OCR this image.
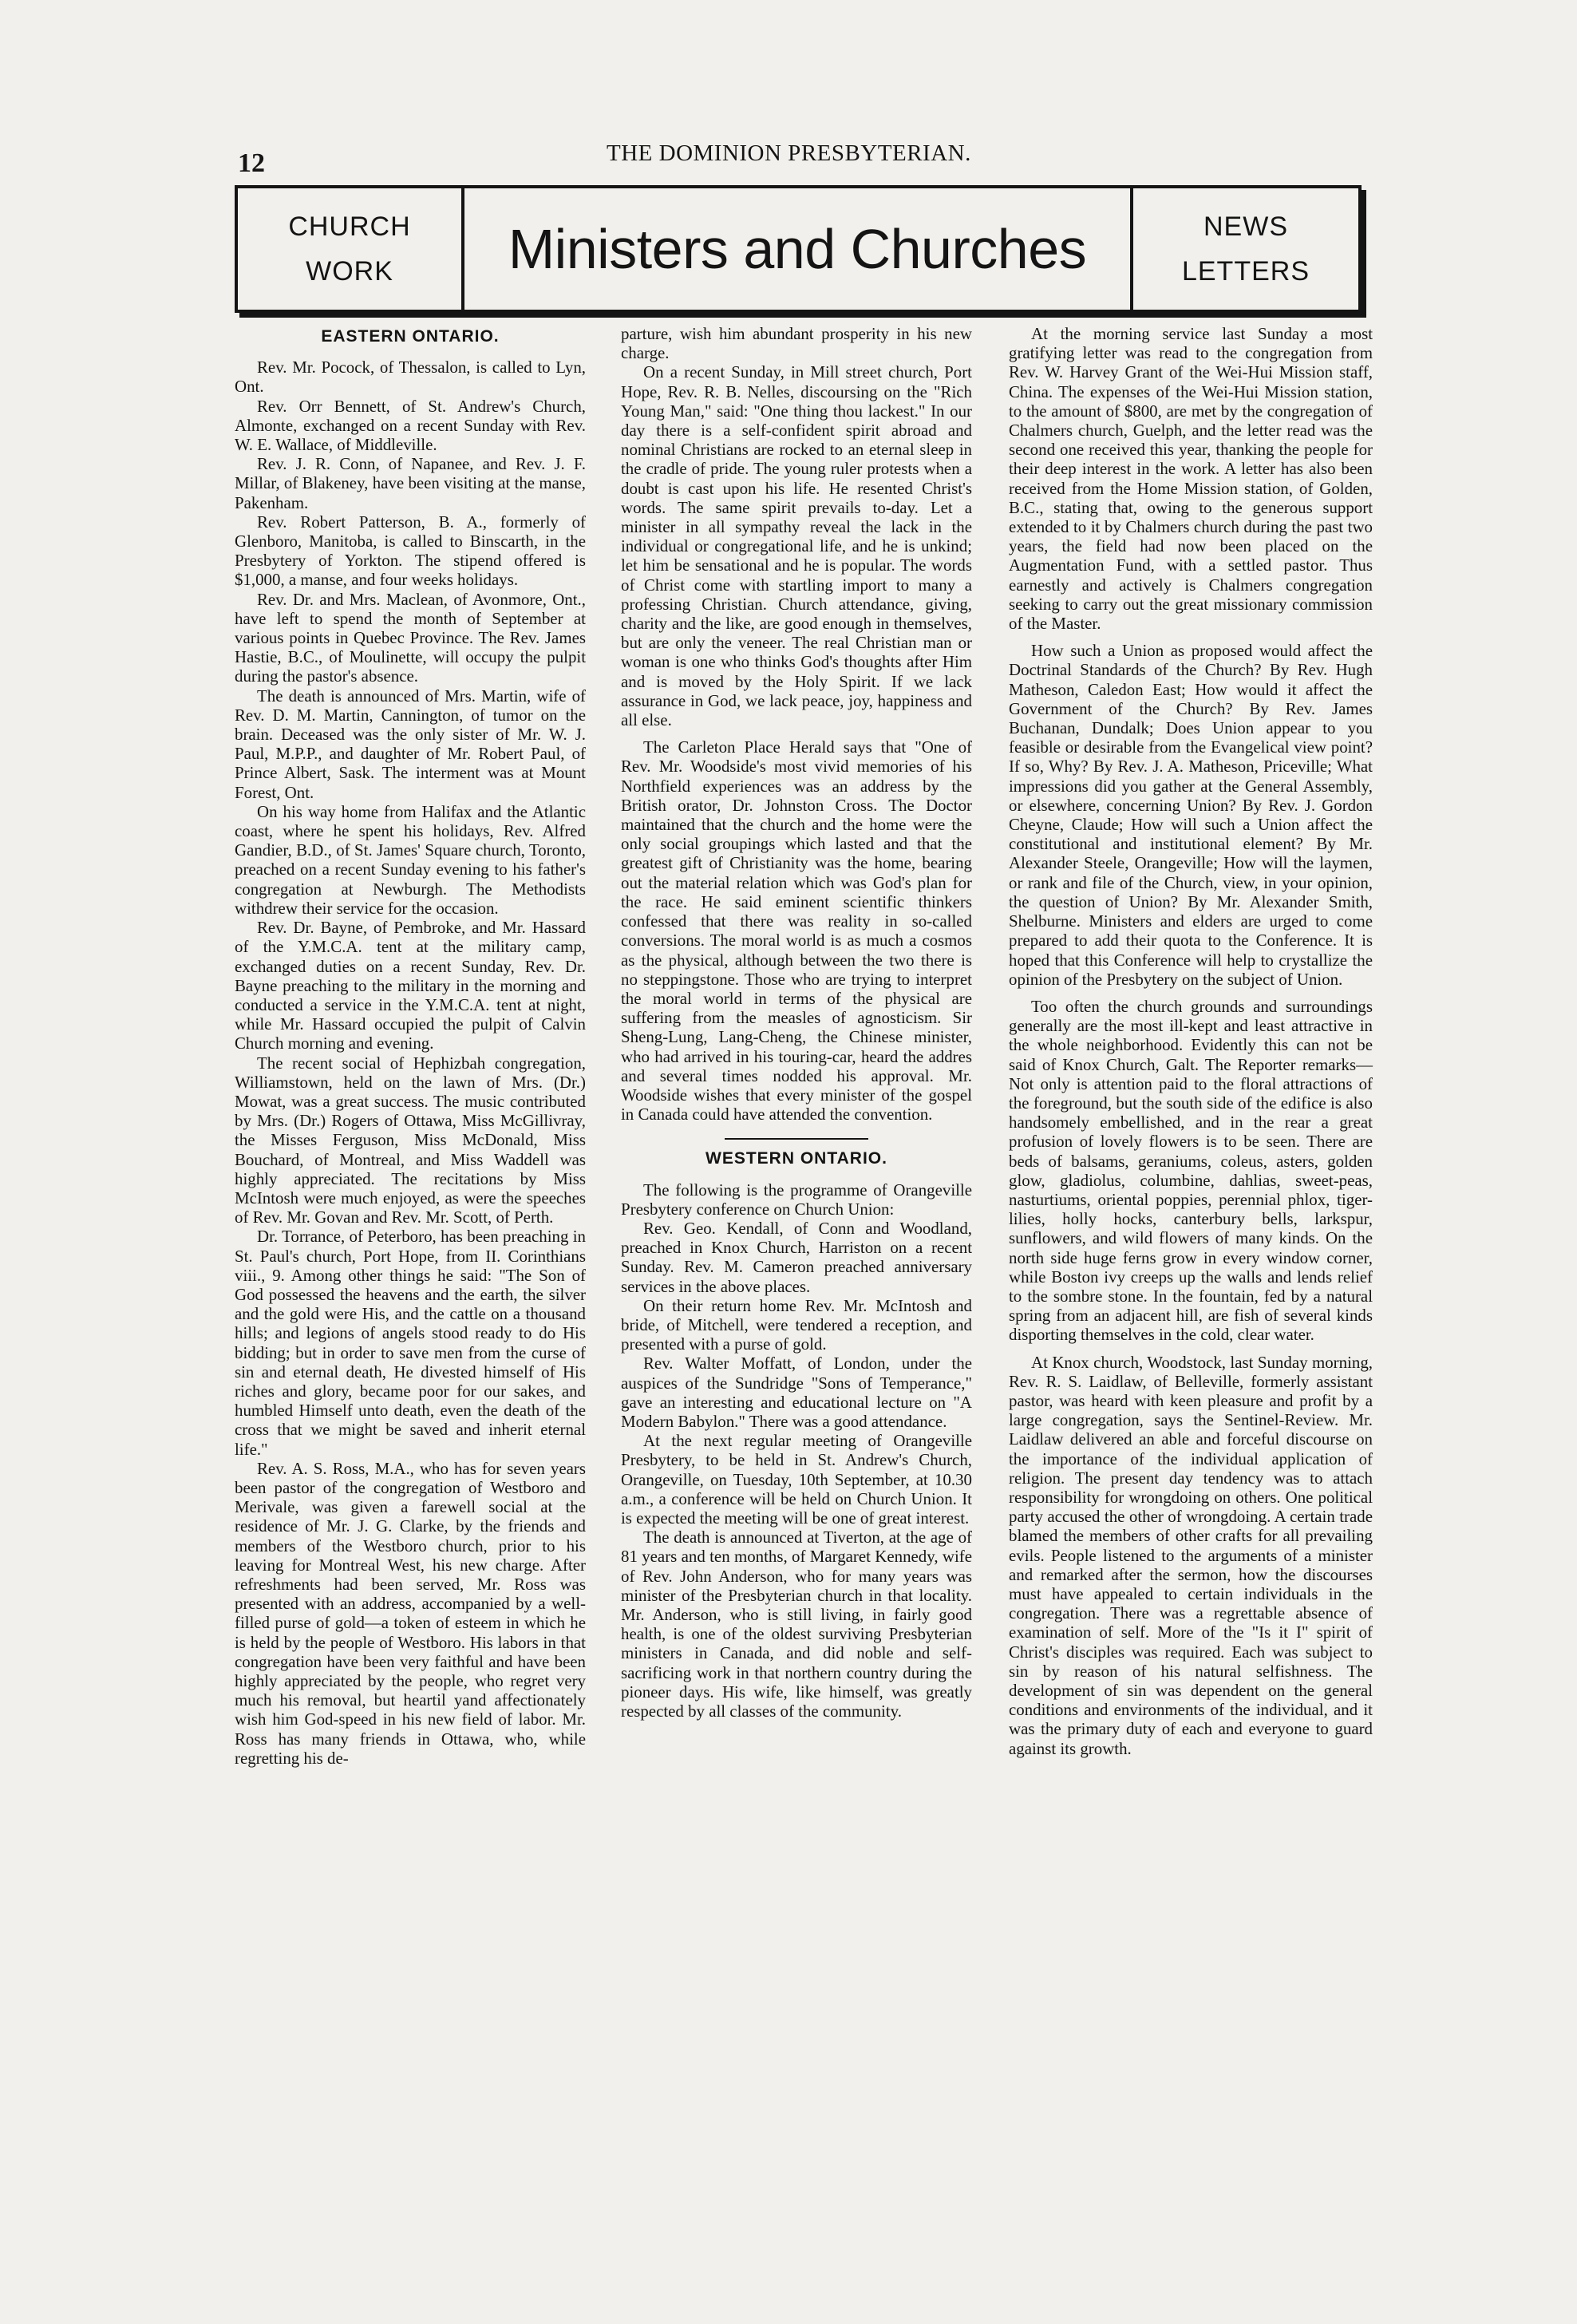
12	THE DOMINION PRESBYTERIAN.
CHURCH
WORK Ministers and Churches	NEWS
LETTERS
EASTERN ONTARIO.

Rev. Mr. Pocock, of Thessalon, is called to Lyn, Ont.

Rev. Orr Bennett, of St. Andrew's Church, Almonte, exchanged on a recent Sunday with Rev. W. E. Wallace, of Middleville.

Rev. J. R. Conn, of Napanee, and Rev. J. F. Millar, of Blakeney, have been visiting at the manse, Pakenham.

Rev. Robert Patterson, B. A., formerly of Glenboro, Manitoba, is called to Binscarth, in the Presbytery of Yorkton. The stipend offered is $1,000, a manse, and four weeks holidays.

Rev. Dr. and Mrs. Maclean, of Avonmore, Ont., have left to spend the month of September at various points in Quebec Province. The Rev. James Hastie, B.C., of Moulinette, will occupy the pulpit during the pastor's absence.

The death is announced of Mrs. Martin, wife of Rev. D. M. Martin, Cannington, of tumor on the brain. Deceased was the only sister of Mr. W. J. Paul, M.P.P., and daughter of Mr. Robert Paul, of Prince Albert, Sask. The interment was at Mount Forest, Ont.

On his way home from Halifax and the Atlantic coast, where he spent his holidays, Rev. Alfred Gandier, B.D., of St. James' Square church, Toronto, preached on a recent Sunday evening to his father's congregation at Newburgh. The Methodists withdrew their service for the occasion.

Rev. Dr. Bayne, of Pembroke, and Mr. Hassard of the Y.M.C.A. tent at the military camp, exchanged duties on a recent Sunday, Rev. Dr. Bayne preaching to the military in the morning and conducted a service in the Y.M.C.A. tent at night, while Mr. Hassard occupied the pulpit of Calvin Church morning and evening.

The recent social of Hephizbah congregation, Williamstown, held on the lawn of Mrs. (Dr.) Mowat, was a great success. The music contributed by Mrs. (Dr.) Rogers of Ottawa, Miss McGillivray, the Misses Ferguson, Miss McDonald, Miss Bouchard, of Montreal, and Miss Waddell was highly appreciated. The recitations by Miss McIntosh were much enjoyed, as were the speeches of Rev. Mr. Govan and Rev. Mr. Scott, of Perth.

Dr. Torrance, of Peterboro, has been preaching in St. Paul's church, Port Hope, from II. Corinthians viii., 9. Among other things he said: "The Son of God possessed the heavens and the earth, the silver and the gold were His, and the cattle on a thousand hills; and legions of angels stood ready to do His bidding; but in order to save men from the curse of sin and eternal death, He divested himself of His riches and glory, became poor for our sakes, and humbled Himself unto death, even the death of the cross that we might be saved and inherit eternal life."

Rev. A. S. Ross, M.A., who has for seven years been pastor of the congregation of Westboro and Merivale, was given a farewell social at the residence of Mr. J. G. Clarke, by the friends and members of the Westboro church, prior to his leaving for Montreal West, his new charge. After refreshments had been served, Mr. Ross was presented with an address, accompanied by a well-filled purse of gold—a token of esteem in which he is held by the people of Westboro. His labors in that congregation have been very faithful and have been highly appreciated by the people, who regret very much his removal, but heartil yand affectionately wish him God-speed in his new field of labor. Mr. Ross has many friends in Ottawa, who, while regretting his de-

parture, wish him abundant prosperity in his new charge.

On a recent Sunday, in Mill street church, Port Hope, Rev. R. B. Nelles, discoursing on the "Rich Young Man," said: "One thing thou lackest." In our day there is a self-confident spirit abroad and nominal Christians are rocked to an eternal sleep in the cradle of pride. The young ruler protests when a doubt is cast upon his life. He resented Christ's words. The same spirit prevails to-day. Let a minister in all sympathy reveal the lack in the individual or congregational life, and he is unkind; let him be sensational and he is popular. The words of Christ come with startling import to many a professing Christian. Church attendance, giving, charity and the like, are good enough in themselves, but are only the veneer. The real Christian man or woman is one who thinks God's thoughts after Him and is moved by the Holy Spirit. If we lack assurance in God, we lack peace, joy, happiness and all else.

The Carleton Place Herald says that "One of Rev. Mr. Woodside's most vivid memories of his Northfield experiences was an address by the British orator, Dr. Johnston Cross. The Doctor maintained that the church and the home were the only social groupings which lasted and that the greatest gift of Christianity was the home, bearing out the material relation which was God's plan for the race. He said eminent scientific thinkers confessed that there was reality in so-called conversions. The moral world is as much a cosmos as the physical, although between the two there is no steppingstone. Those who are trying to interpret the moral world in terms of the physical are suffering from the measles of agnosticism. Sir Sheng-Lung, Lang-Cheng, the Chinese minister, who had arrived in his touring-car, heard the addres and several times nodded his approval. Mr. Woodside wishes that every minister of the gospel in Canada could have attended the convention.

WESTERN ONTARIO.

The following is the programme of Orangeville Presbytery conference on Church Union:

Rev. Geo. Kendall, of Conn and Woodland, preached in Knox Church, Harriston on a recent Sunday. Rev. M. Cameron preached anniversary services in the above places.

On their return home Rev. Mr. McIntosh and bride, of Mitchell, were tendered a reception, and presented with a purse of gold.

Rev. Walter Moffatt, of London, under the auspices of the Sundridge "Sons of Temperance," gave an interesting and educational lecture on "A Modern Babylon." There was a good attendance.

At the next regular meeting of Orangeville Presbytery, to be held in St. Andrew's Church, Orangeville, on Tuesday, 10th September, at 10.30 a.m., a conference will be held on Church Union. It is expected the meeting will be one of great interest.

The death is announced at Tiverton, at the age of 81 years and ten months, of Margaret Kennedy, wife of Rev. John Anderson, who for many years was minister of the Presbyterian church in that locality. Mr. Anderson, who is still living, in fairly good health, is one of the oldest surviving Presbyterian ministers in Canada, and did noble and self-sacrificing work in that northern country during the pioneer days. His wife, like himself, was greatly respected by all classes of the community.

At the morning service last Sunday a most gratifying letter was read to the congregation from Rev. W. Harvey Grant of the Wei-Hui Mission staff, China. The expenses of the Wei-Hui Mission station, to the amount of $800, are met by the congregation of Chalmers church, Guelph, and the letter read was the second one received this year, thanking the people for their deep interest in the work. A letter has also been received from the Home Mission station, of Golden, B.C., stating that, owing to the generous support extended to it by Chalmers church during the past two years, the field had now been placed on the Augmentation Fund, with a settled pastor. Thus earnestly and actively is Chalmers congregation seeking to carry out the great missionary commission of the Master.

How such a Union as proposed would affect the Doctrinal Standards of the Church? By Rev. Hugh Matheson, Caledon East; How would it affect the Government of the Church? By Rev. James Buchanan, Dundalk; Does Union appear to you feasible or desirable from the Evangelical view point? If so, Why? By Rev. J. A. Matheson, Priceville; What impressions did you gather at the General Assembly, or elsewhere, concerning Union? By Rev. J. Gordon Cheyne, Claude; How will such a Union affect the constitutional and institutional element? By Mr. Alexander Steele, Orangeville; How will the laymen, or rank and file of the Church, view, in your opinion, the question of Union? By Mr. Alexander Smith, Shelburne. Ministers and elders are urged to come prepared to add their quota to the Conference. It is hoped that this Conference will help to crystallize the opinion of the Presbytery on the subject of Union.

Too often the church grounds and surroundings generally are the most ill-kept and least attractive in the whole neighborhood. Evidently this can not be said of Knox Church, Galt. The Reporter remarks—Not only is attention paid to the floral attractions of the foreground, but the south side of the edifice is also handsomely embellished, and in the rear a great profusion of lovely flowers is to be seen. There are beds of balsams, geraniums, coleus, asters, golden glow, gladiolus, columbine, dahlias, sweet-peas, nasturtiums, oriental poppies, perennial phlox, tiger-lilies, holly hocks, canterbury bells, larkspur, sunflowers, and wild flowers of many kinds. On the north side huge ferns grow in every window corner, while Boston ivy creeps up the walls and lends relief to the sombre stone. In the fountain, fed by a natural spring from an adjacent hill, are fish of several kinds disporting themselves in the cold, clear water.

At Knox church, Woodstock, last Sunday morning, Rev. R. S. Laidlaw, of Belleville, formerly assistant pastor, was heard with keen pleasure and profit by a large congregation, says the Sentinel-Review. Mr. Laidlaw delivered an able and forceful discourse on the importance of the individual application of religion. The present day tendency was to attach responsibility for wrongdoing on others. One political party accused the other of wrongdoing. A certain trade blamed the members of other crafts for all prevailing evils. People listened to the arguments of a minister and remarked after the sermon, how the discourses must have appealed to certain individuals in the congregation. There was a regrettable absence of examination of self. More of the "Is it I" spirit of Christ's disciples was required. Each was subject to sin by reason of his natural selfishness. The development of sin was dependent on the general conditions and environments of the individual, and it was the primary duty of each and everyone to guard against its growth.
